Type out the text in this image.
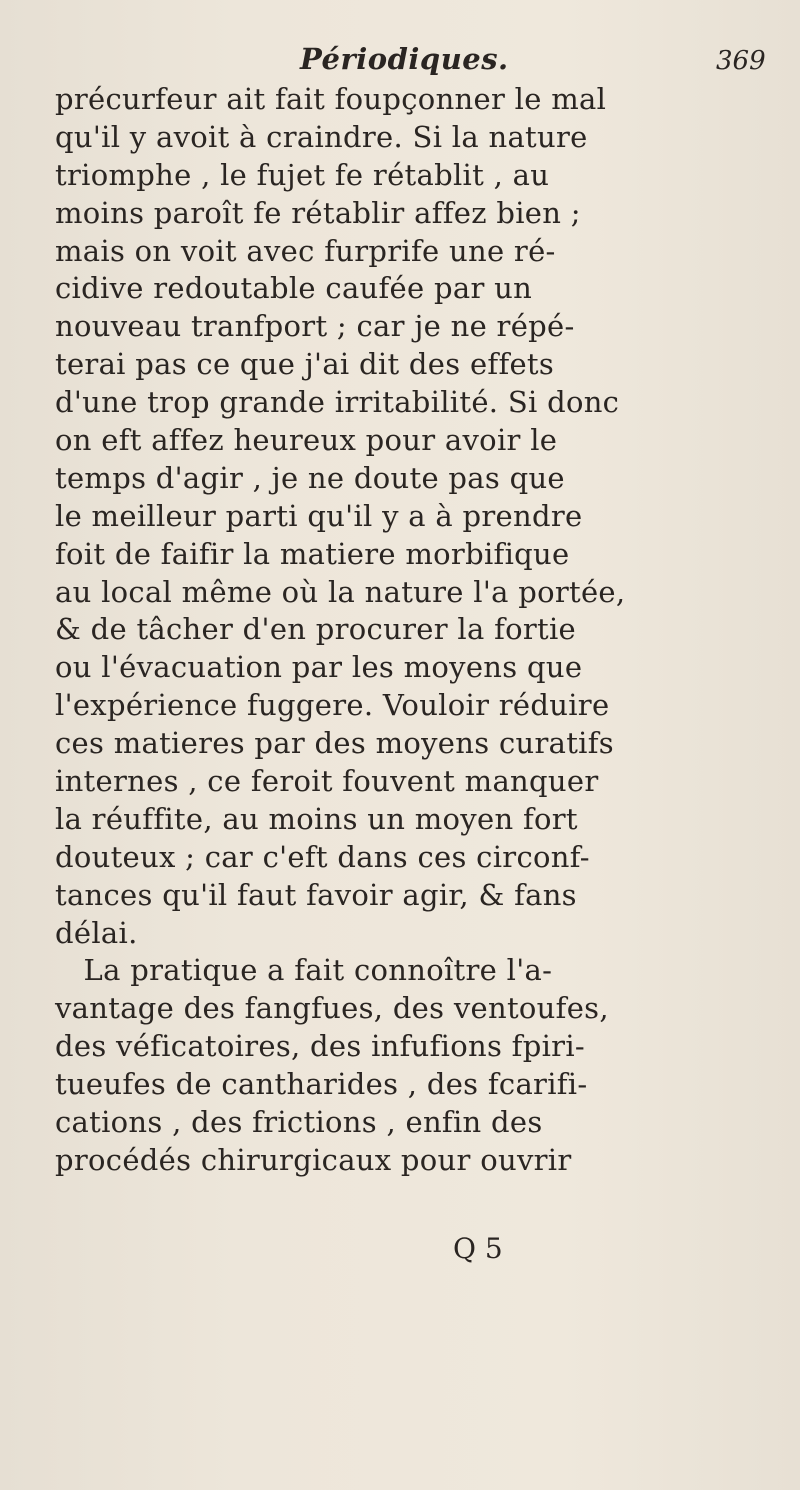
Périodiques.	369
précurfeur ait fait foupçonner le mal
qu'il y avoit à craindre. Si la nature
triomphe , le fujet fe rétablit , au
moins paroît fe rétablir affez bien ;
mais on voit avec furprife une ré-
cidive redoutable caufée par un
nouveau tranfport ; car je ne répé-
terai pas ce que j'ai dit des effets
d'une trop grande irritabilité. Si donc
on eft affez heureux pour avoir le
temps d'agir , je ne doute pas que
le meilleur parti qu'il y a à prendre
foit de faifir la matiere morbifique
au local même où la nature l'a portée,
& de tâcher d'en procurer la fortie
ou l'évacuation par les moyens que
l'expérience fuggere. Vouloir réduire
ces matieres par des moyens curatifs
internes , ce feroit fouvent manquer
la réuffite, au moins un moyen fort
douteux ; car c'eft dans ces circonf-
tances qu'il faut favoir agir, & fans
délai.
La pratique a fait connoître l'a-
vantage des fangfues, des ventoufes,
des véficatoires, des infufions fpiri-
tueufes de cantharides , des fcarifi-
cations , des frictions , enfin des
procédés chirurgicaux pour ouvrir
Q 5
